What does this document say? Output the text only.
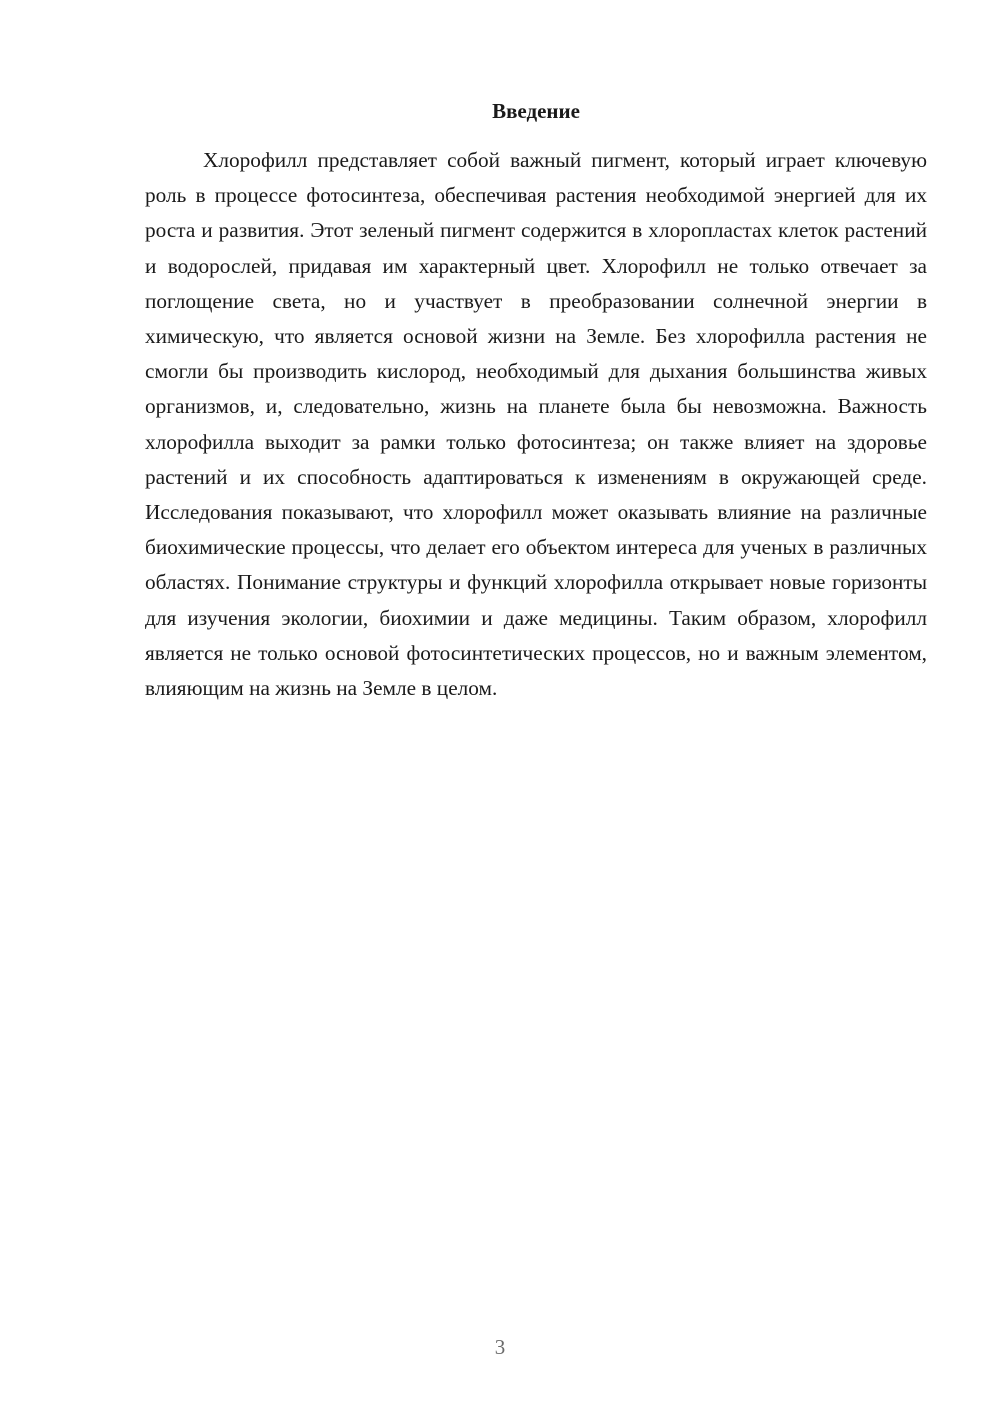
Введение

Хлорофилл представляет собой важный пигмент, который играет ключевую роль в процессе фотосинтеза, обеспечивая растения необходимой энергией для их роста и развития. Этот зеленый пигмент содержится в хлоропластах клеток растений и водорослей, придавая им характерный цвет. Хлорофилл не только отвечает за поглощение света, но и участвует в преобразовании солнечной энергии в химическую, что является основой жизни на Земле. Без хлорофилла растения не смогли бы производить кислород, необходимый для дыхания большинства живых организмов, и, следовательно, жизнь на планете была бы невозможна. Важность хлорофилла выходит за рамки только фотосинтеза; он также влияет на здоровье растений и их способность адаптироваться к изменениям в окружающей среде. Исследования показывают, что хлорофилл может оказывать влияние на различные биохимические процессы, что делает его объектом интереса для ученых в различных областях. Понимание структуры и функций хлорофилла открывает новые горизонты для изучения экологии, биохимии и даже медицины. Таким образом, хлорофилл является не только основой фотосинтетических процессов, но и важным элементом, влияющим на жизнь на Земле в целом.

3
